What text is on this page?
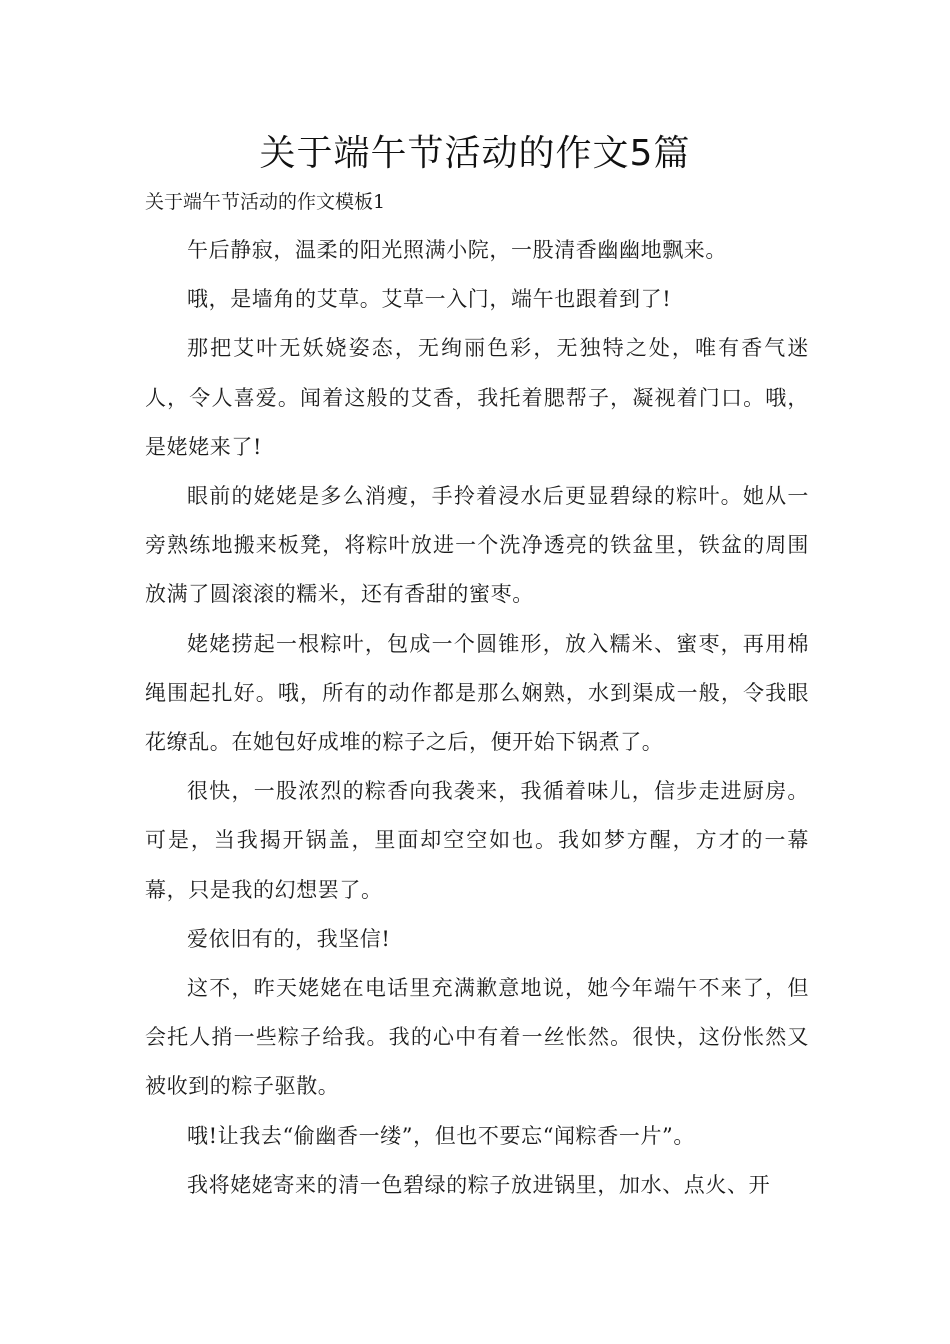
关于端午节活动的作文5篇
关于端午节活动的作文模板1

午后静寂，温柔的阳光照满小院，一股清香幽幽地飘来。

哦，是墙角的艾草。艾草一入门，端午也跟着到了!

那把艾叶无妖娆姿态，无绚丽色彩，无独特之处，唯有香气迷人，令人喜爱。闻着这般的艾香，我托着腮帮子，凝视着门口。哦，是姥姥来了!

眼前的姥姥是多么消瘦，手拎着浸水后更显碧绿的粽叶。她从一旁熟练地搬来板凳，将粽叶放进一个洗净透亮的铁盆里，铁盆的周围放满了圆滚滚的糯米，还有香甜的蜜枣。

姥姥捞起一根粽叶，包成一个圆锥形，放入糯米、蜜枣，再用棉绳围起扎好。哦，所有的动作都是那么娴熟，水到渠成一般，令我眼花缭乱。在她包好成堆的粽子之后，便开始下锅煮了。

很快，一股浓烈的粽香向我袭来，我循着味儿，信步走进厨房。可是，当我揭开锅盖，里面却空空如也。我如梦方醒，方才的一幕幕，只是我的幻想罢了。

爱依旧有的，我坚信!

这不，昨天姥姥在电话里充满歉意地说，她今年端午不来了，但会托人捎一些粽子给我。我的心中有着一丝怅然。很快，这份怅然又被收到的粽子驱散。

哦!让我去“偷幽香一缕”，但也不要忘“闻粽香一片”。

我将姥姥寄来的清一色碧绿的粽子放进锅里，加水、点火、开
